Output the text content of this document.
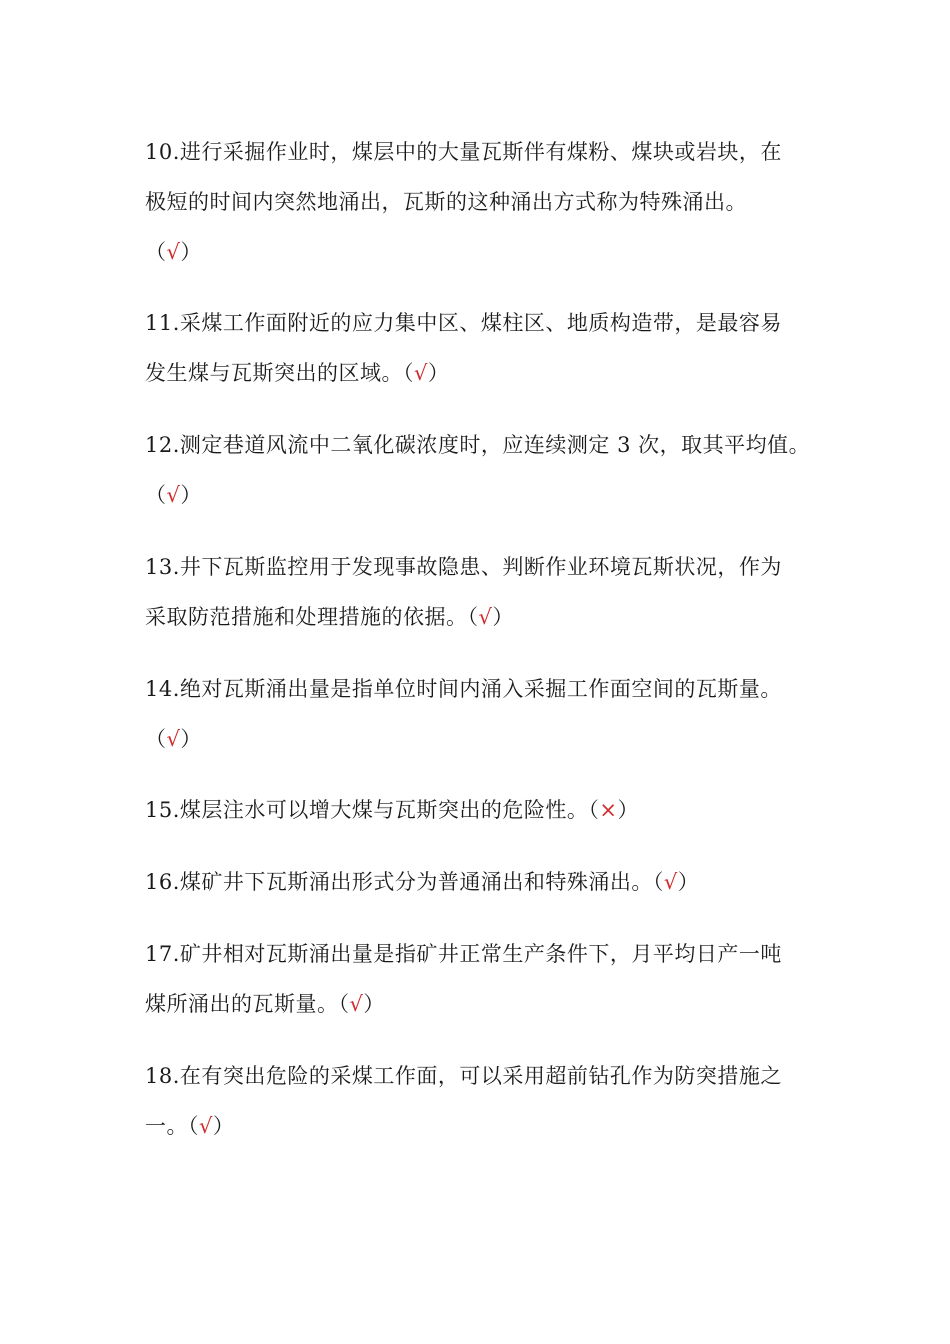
10.进行采掘作业时，煤层中的大量瓦斯伴有煤粉、煤块或岩块，在
极短的时间内突然地涌出，瓦斯的这种涌出方式称为特殊涌出。
（√）
11.采煤工作面附近的应力集中区、煤柱区、地质构造带，是最容易
发生煤与瓦斯突出的区域。（√）
12.测定巷道风流中二氧化碳浓度时，应连续测定 3 次，取其平均值。
（√）
13.井下瓦斯监控用于发现事故隐患、判断作业环境瓦斯状况，作为
采取防范措施和处理措施的依据。（√）
14.绝对瓦斯涌出量是指单位时间内涌入采掘工作面空间的瓦斯量。
（√）
15.煤层注水可以增大煤与瓦斯突出的危险性。（×）
16.煤矿井下瓦斯涌出形式分为普通涌出和特殊涌出。（√）
17.矿井相对瓦斯涌出量是指矿井正常生产条件下，月平均日产一吨
煤所涌出的瓦斯量。（√）
18.在有突出危险的采煤工作面，可以采用超前钻孔作为防突措施之
一。（√）
